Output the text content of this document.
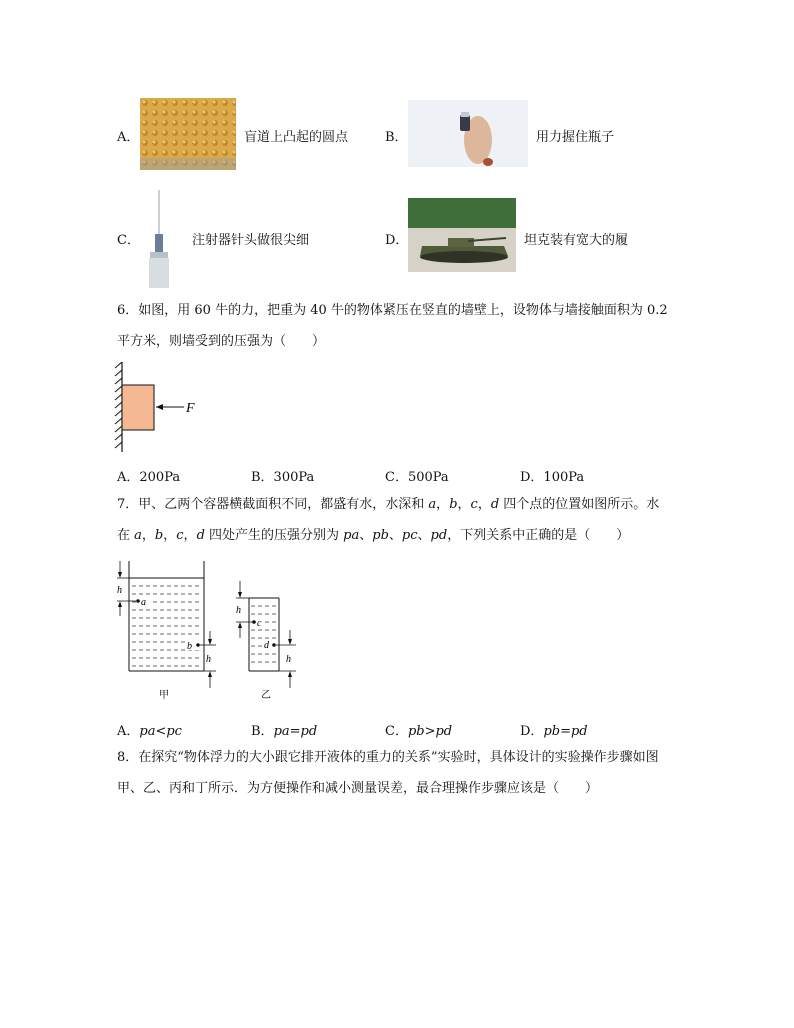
A．	盲道上凸起的圆点	B．	用力握住瓶子
C．	注射器针头做很尖细	D．	坦克装有宽大的履
6．如图，用 60 牛的力，把重为 40 牛的物体紧压在竖直的墙壁上，设物体与墙接触面积为 0.2
平方米，则墙受到的压强为（　　）
F
A．200Pa	B．300Pa	C．500Pa	D．100Pa
7．甲、乙两个容器横截面积不同，都盛有水，水深和 a，b，c，d 四个点的位置如图所示。水
在 a，b，c，d 四处产生的压强分别为 pa、pb、pc、pd，下列关系中正确的是（　　）
a
b
h
h
甲
c
d
h
h
乙
A．pa<pc	B．pa=pd	C．pb>pd	D．pb=pd
8．在探究“物体浮力的大小跟它排开液体的重力的关系”实验时，具体设计的实验操作步骤如图
甲、乙、丙和丁所示．为方便操作和减小测量误差，最合理操作步骤应该是（　　）
